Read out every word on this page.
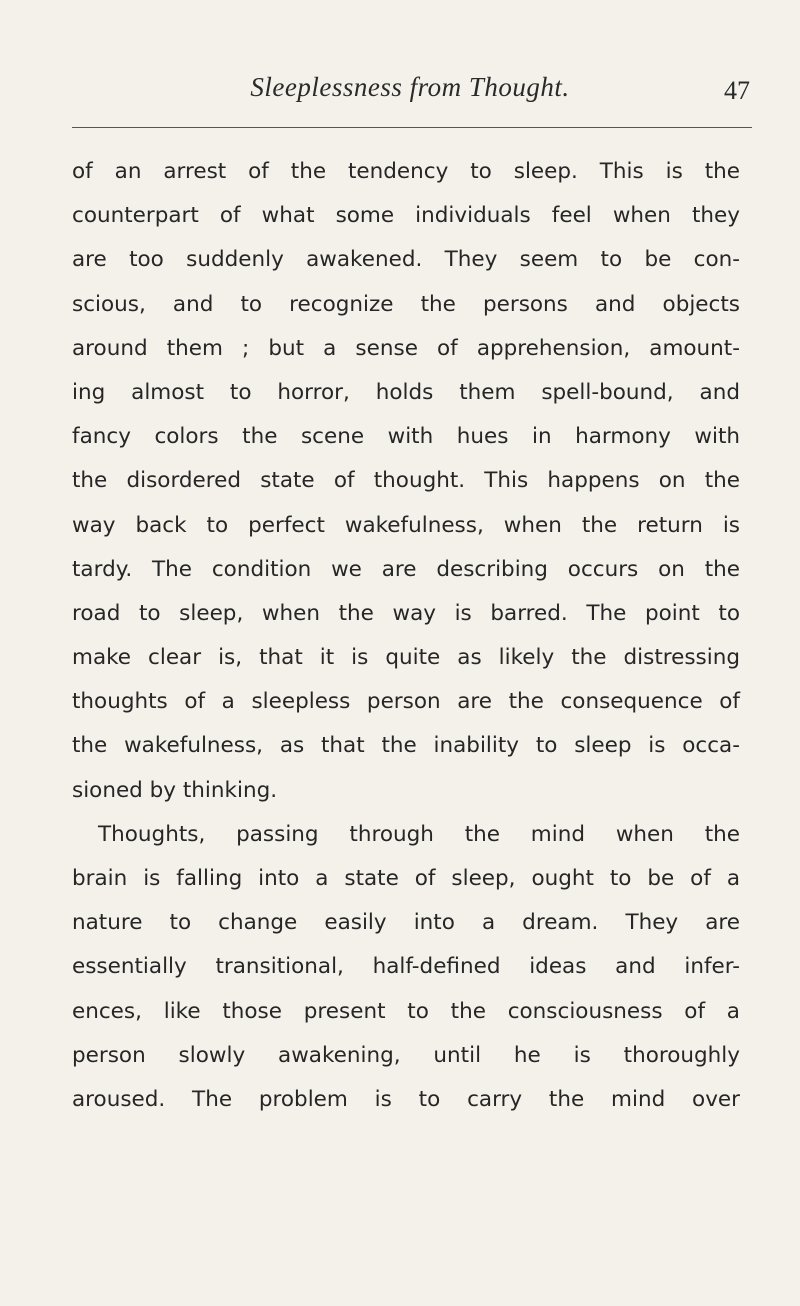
Sleeplessness from Thought.	47
of an arrest of the tendency to sleep. This is the
counterpart of what some individuals feel when they
are too suddenly awakened. They seem to be con-
scious, and to recognize the persons and objects
around them ; but a sense of apprehension, amount-
ing almost to horror, holds them spell-bound, and
fancy colors the scene with hues in harmony with
the disordered state of thought. This happens on the
way back to perfect wakefulness, when the return is
tardy. The condition we are describing occurs on the
road to sleep, when the way is barred. The point to
make clear is, that it is quite as likely the distressing
thoughts of a sleepless person are the consequence of
the wakefulness, as that the inability to sleep is occa-
sioned by thinking.
Thoughts, passing through the mind when the
brain is falling into a state of sleep, ought to be of a
nature to change easily into a dream. They are
essentially transitional, half-defined ideas and infer-
ences, like those present to the consciousness of a
person slowly awakening, until he is thoroughly
aroused. The problem is to carry the mind over
